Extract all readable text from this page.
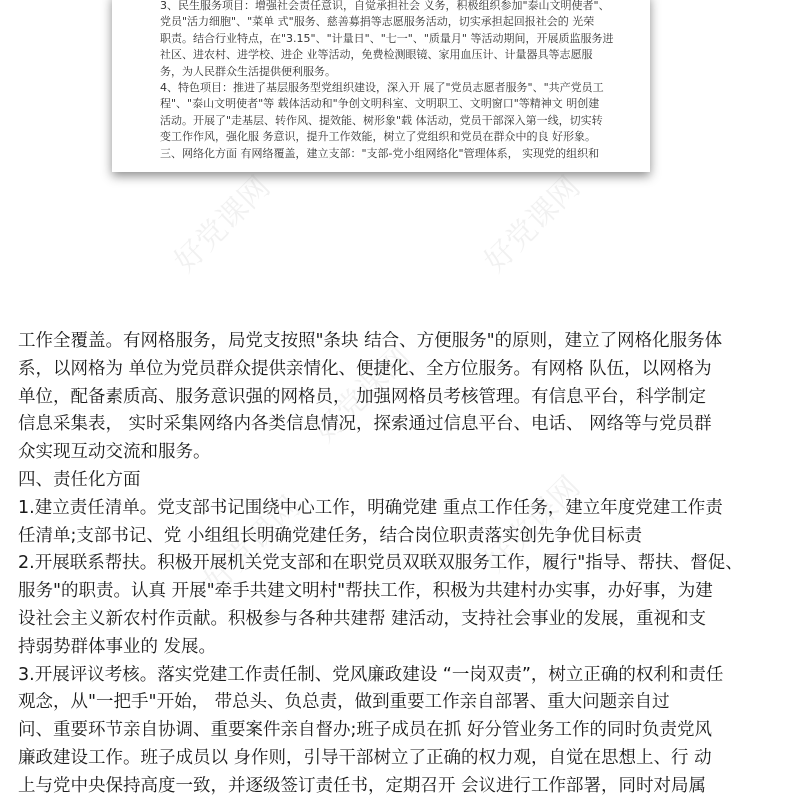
3、民生服务项目：增强社会责任意识，自觉承担社会 义务，积极组织参加"泰山文明使者"、
党员"活力细胞"、"菜单 式"服务、慈善募捐等志愿服务活动，切实承担起回报社会的 光荣
职责。结合行业特点，在"3.15"、"计量日"、"七一"、"质量月" 等活动期间，开展质监服务进
社区、进农村、进学校、进企 业等活动，免费检测眼镜、家用血压计、计量器具等志愿服
务，为人民群众生活提供便利服务。
4、特色项目：推进了基层服务型党组织建设，深入开 展了"党员志愿者服务"、"共产党员工
程"、"泰山文明使者"等 载体活动和"争创文明科室、文明职工、文明窗口"等精神文 明创建
活动。开展了"走基层、转作风、提效能、树形象"载 体活动，党员干部深入第一线，切实转
变工作作风，强化服 务意识，提升工作效能，树立了党组织和党员在群众中的良 好形象。
三、网络化方面 有网络覆盖，建立支部："支部-党小组网络化"管理体系， 实现党的组织和
好党课网	好党课网
好党课网
好党课网
好党课网
工作全覆盖。有网格服务，局党支按照"条块 结合、方便服务"的原则，建立了网格化服务体
系，以网格为 单位为党员群众提供亲情化、便捷化、全方位服务。有网格 队伍，以网格为
单位，配备素质高、服务意识强的网格员， 加强网格员考核管理。有信息平台，科学制定
信息采集表， 实时采集网络内各类信息情况，探索通过信息平台、电话、 网络等与党员群
众实现互动交流和服务。
四、责任化方面
1.建立责任清单。党支部书记围绕中心工作，明确党建 重点工作任务，建立年度党建工作责
任清单;支部书记、党 小组组长明确党建任务，结合岗位职责落实创先争优目标责
2.开展联系帮扶。积极开展机关党支部和在职党员双联双服务工作，履行"指导、帮扶、督促、
服务"的职责。认真 开展"牵手共建文明村"帮扶工作，积极为共建村办实事，办好事，为建
设社会主义新农村作贡献。积极参与各种共建帮 建活动，支持社会事业的发展，重视和支
持弱势群体事业的 发展。
3.开展评议考核。落实党建工作责任制、党风廉政建设 “一岗双责”，树立正确的权利和责任
观念，从"一把手"开始， 带总头、负总责，做到重要工作亲自部署、重大问题亲自过
问、重要环节亲自协调、重要案件亲自督办;班子成员在抓 好分管业务工作的同时负责党风
廉政建设工作。班子成员以 身作则，引导干部树立了正确的权力观，自觉在思想上、行 动
上与党中央保持高度一致，并逐级签订责任书，定期召开 会议进行工作部署，同时对局属
